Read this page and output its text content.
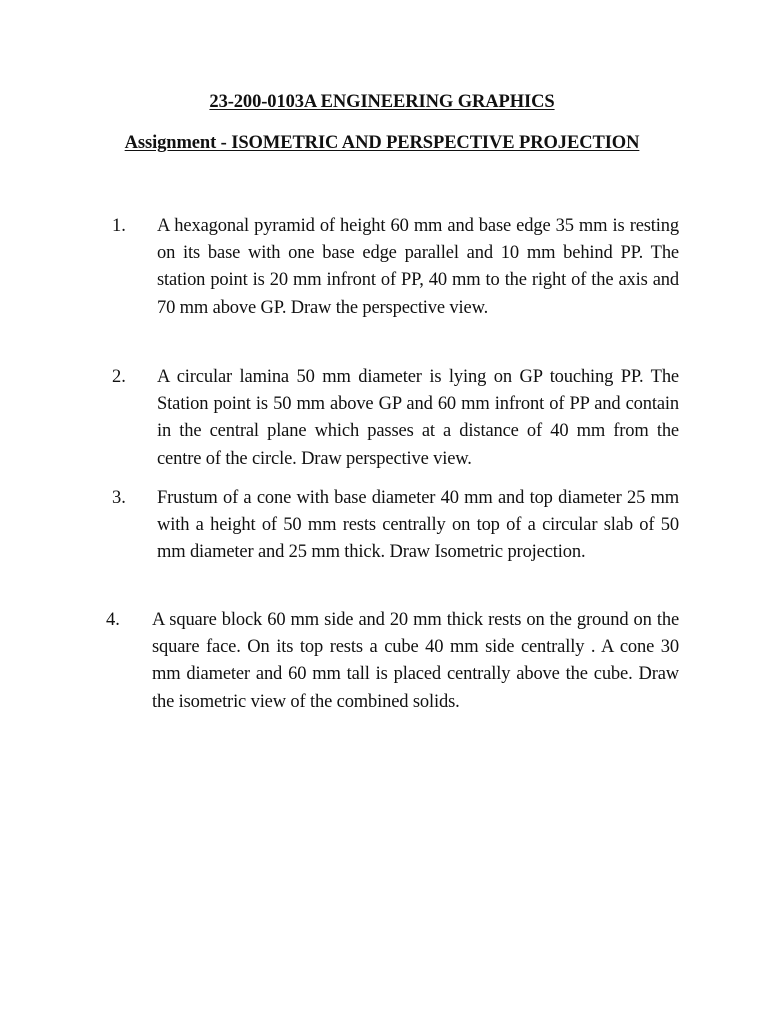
23-200-0103A ENGINEERING GRAPHICS
Assignment - ISOMETRIC AND PERSPECTIVE PROJECTION
1. A hexagonal pyramid of height 60 mm and base edge 35 mm is resting on its base with one base edge parallel and 10 mm behind PP. The station point is 20 mm infront of PP, 40 mm to the right of the axis and 70 mm above GP. Draw the perspective view.
2. A circular lamina 50 mm diameter is lying on GP touching PP. The Station point is 50 mm above GP and 60 mm infront of PP and contain in the central plane which passes at a distance of 40 mm from the centre of the circle. Draw perspective view.
3. Frustum of a cone with base diameter 40 mm and top diameter 25 mm with a height of 50 mm rests centrally on top of a circular slab of 50 mm diameter and 25 mm thick. Draw Isometric projection.
4. A square block 60 mm side and 20 mm thick rests on the ground on the square face. On its top rests a cube 40 mm side centrally . A cone 30 mm diameter and 60 mm tall is placed centrally above the cube. Draw the isometric view of the combined solids.
